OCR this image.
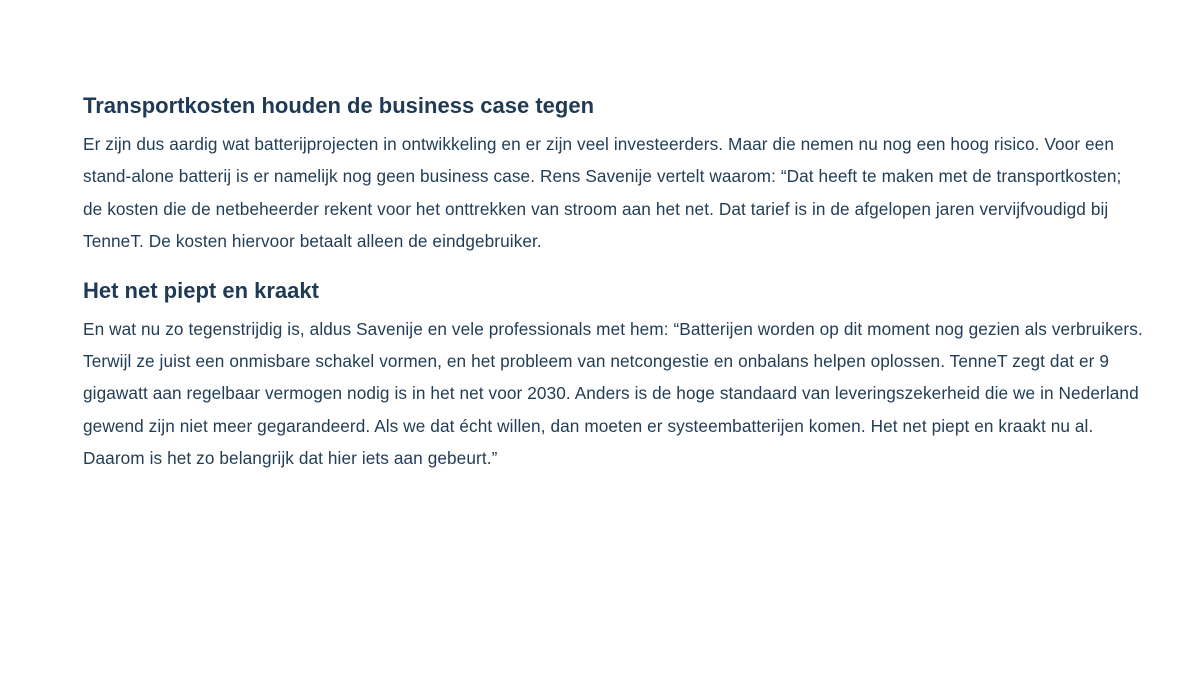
Transportkosten houden de business case tegen

Er zijn dus aardig wat batterijprojecten in ontwikkeling en er zijn veel investeerders. Maar die nemen nu nog een hoog risico. Voor een stand-alone batterij is er namelijk nog geen business case. Rens Savenije vertelt waarom: “Dat heeft te maken met de transportkosten; de kosten die de netbeheerder rekent voor het onttrekken van stroom aan het net. Dat tarief is in de afgelopen jaren vervijfvoudigd bij TenneT. De kosten hiervoor betaalt alleen de eindgebruiker.

Het net piept en kraakt

En wat nu zo tegenstrijdig is, aldus Savenije en vele professionals met hem: “Batterijen worden op dit moment nog gezien als verbruikers. Terwijl ze juist een onmisbare schakel vormen, en het probleem van netcongestie en onbalans helpen oplossen. TenneT zegt dat er 9 gigawatt aan regelbaar vermogen nodig is in het net voor 2030. Anders is de hoge standaard van leveringszekerheid die we in Nederland gewend zijn niet meer gegarandeerd. Als we dat écht willen, dan moeten er systeembatterijen komen. Het net piept en kraakt nu al. Daarom is het zo belangrijk dat hier iets aan gebeurt.”
